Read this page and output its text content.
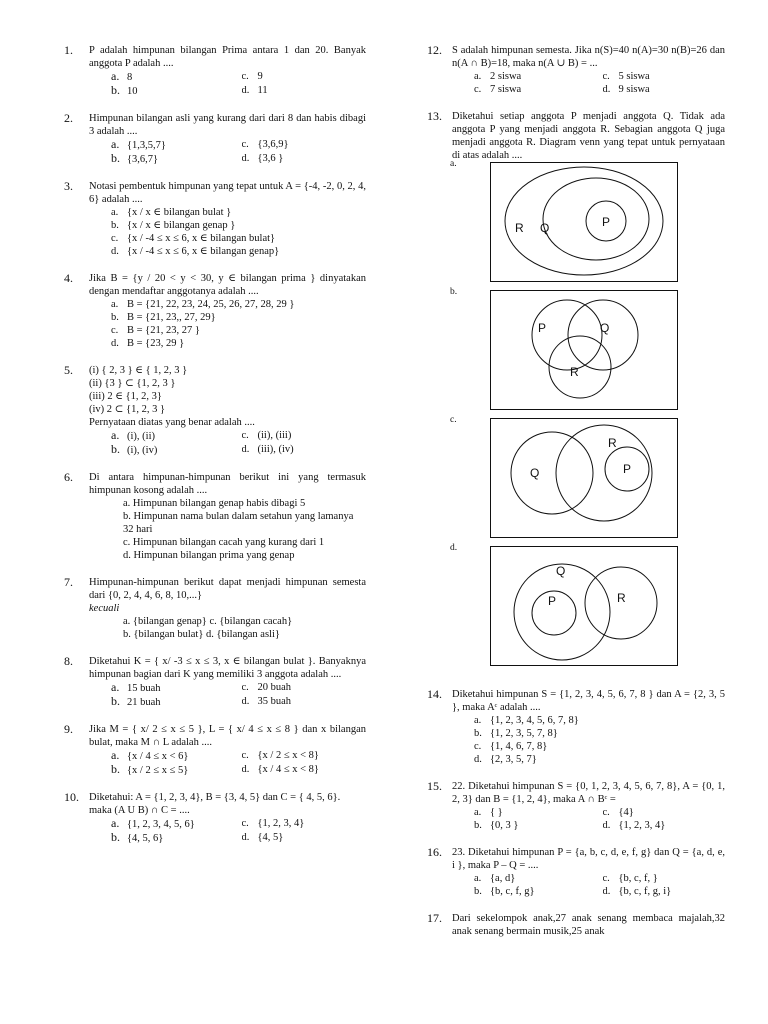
1. P adalah himpunan bilangan Prima antara 1 dan 20. Banyak anggota P adalah ....
a. 8	c. 9
b. 10	d. 11
2. Himpunan bilangan asli yang kurang dari dari 8 dan habis dibagi 3 adalah ....
a. {1,3,5,7}	c. {3,6,9}
b. {3,6,7}	d. {3,6 }
3. Notasi pembentuk himpunan yang tepat untuk A = {-4, -2, 0, 2, 4, 6} adalah ....
a. {x / x ∈ bilangan bulat }
b. {x / x ∈ bilangan genap }
c. {x / -4 ≤ x ≤ 6, x ∈ bilangan bulat}
d. {x / -4 ≤ x ≤ 6, x ∈ bilangan genap}
4. Jika B = {y / 20 < y < 30, y ∈ bilangan prima } dinyatakan dengan mendaftar anggotanya adalah ....
a. B = {21, 22, 23, 24, 25, 26, 27, 28, 29 }
b. B = {21, 23,, 27, 29}
c. B = {21, 23, 27 }
d. B = {23, 29 }
5. (i) { 2, 3 } ∈ { 1, 2, 3 }
(ii) {3 } ⊂ {1, 2, 3 }
(iii) 2 ∈ {1, 2, 3}
(iv) 2 ⊂ {1, 2, 3 }
Pernyataan diatas yang benar adalah ....
a. (i), (ii)	c. (ii), (iii)
b. (i), (iv)	d. (iii), (iv)
6. Di antara himpunan-himpunan berikut ini yang termasuk himpunan kosong adalah ....
a. Himpunan bilangan genap habis dibagi 5
b. Himpunan nama bulan dalam setahun yang lamanya 32 hari
c. Himpunan bilangan cacah yang kurang dari 1
d. Himpunan bilangan prima yang genap
7. Himpunan-himpunan berikut dapat menjadi himpunan semesta dari {0, 2, 4, 4, 6, 8, 10,...}
kecuali
a. {bilangan genap} c. {bilangan cacah}
b. {bilangan bulat} d. {bilangan asli}
8. Diketahui K = { x/ -3 ≤ x ≤ 3, x ∈ bilangan bulat }. Banyaknya himpunan bagian dari K yang memiliki 3 anggota adalah ....
a. 15 buah	c. 20 buah
b. 21 buah	d. 35 buah
9. Jika M = { x/ 2 ≤ x ≤ 5 }, L = { x/ 4 ≤ x ≤ 8 } dan x bilangan bulat, maka M ∩ L adalah ....
a. {x / 4 ≤ x < 6}	c. {x / 2 ≤ x < 8}
b. {x / 2 ≤ x ≤ 5}	d. {x / 4 ≤ x < 8}
10. Diketahui: A = {1, 2, 3, 4}, B = {3, 4, 5} dan C = { 4, 5, 6}.
maka (A U B) ∩ C = ....
a. {1, 2, 3, 4, 5, 6}	c. {1, 2, 3, 4}
b. {4, 5, 6}	d. {4, 5}
12. S adalah himpunan semesta. Jika n(S)=40 n(A)=30 n(B)=26 dan n(A ∩ B)=18, maka n(A ∪ B) = ...
a. 2 siswa	c. 5 siswa
c. 7 siswa	d. 9 siswa
13. Diketahui setiap anggota P menjadi anggota Q. Tidak ada anggota P yang menjadi anggota R. Sebagian anggota Q juga menjadi anggota R. Diagram venn yang tepat untuk pernyataan di atas adalah ....
a.
R Q	P
b.
P	Q
R
c.
Q
R
P
d.
Q
P	R
14. Diketahui himpunan S = {1, 2, 3, 4, 5, 6, 7, 8 } dan A = {2, 3, 5 }, maka Aᶜ adalah ....
a. {1, 2, 3, 4, 5, 6, 7, 8}
b. {1, 2, 3, 5, 7, 8}
c. {1, 4, 6, 7, 8}
d. {2, 3, 5, 7}
15. 22. Diketahui himpunan S = {0, 1, 2, 3, 4, 5, 6, 7, 8}, A = {0, 1, 2, 3} dan B = {1, 2, 4}, maka A ∩ Bᶜ =
a. { }	c. {4}
b. {0, 3 }	d. {1, 2, 3, 4}
16. 23. Diketahui himpunan P = {a, b, c, d, e, f, g} dan Q = {a, d, e, i }, maka P – Q = ....
a. {a, d}	c. {b, c, f, }
b. {b, c, f, g}	d. {b, c, f, g, i}
17. Dari sekelompok anak,27 anak senang membaca majalah,32 anak senang bermain musik,25 anak
